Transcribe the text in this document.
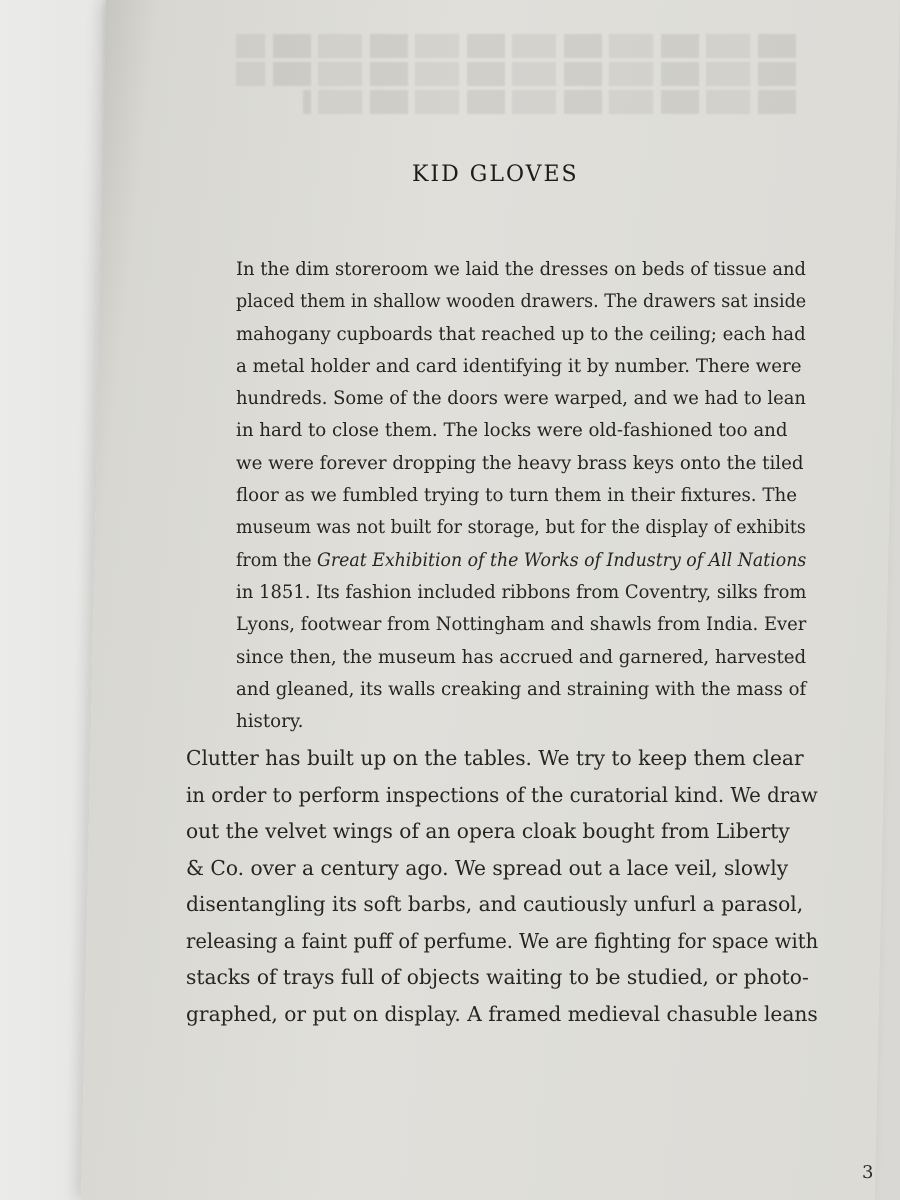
KID GLOVES
In the dim storeroom we laid the dresses on beds of tissue and
placed them in shallow wooden drawers. The drawers sat inside
mahogany cupboards that reached up to the ceiling; each had
a metal holder and card identifying it by number. There were
hundreds. Some of the doors were warped, and we had to lean
in hard to close them. The locks were old-fashioned too and
we were forever dropping the heavy brass keys onto the tiled
floor as we fumbled trying to turn them in their fixtures. The
museum was not built for storage, but for the display of exhibits
from the Great Exhibition of the Works of Industry of All Nations
in 1851. Its fashion included ribbons from Coventry, silks from
Lyons, footwear from Nottingham and shawls from India. Ever
since then, the museum has accrued and garnered, harvested
and gleaned, its walls creaking and straining with the mass of
history.
Clutter has built up on the tables. We try to keep them clear
in order to perform inspections of the curatorial kind. We draw
out the velvet wings of an opera cloak bought from Liberty
& Co. over a century ago. We spread out a lace veil, slowly
disentangling its soft barbs, and cautiously unfurl a parasol,
releasing a faint puff of perfume. We are fighting for space with
stacks of trays full of objects waiting to be studied, or photo-
graphed, or put on display. A framed medieval chasuble leans
3
